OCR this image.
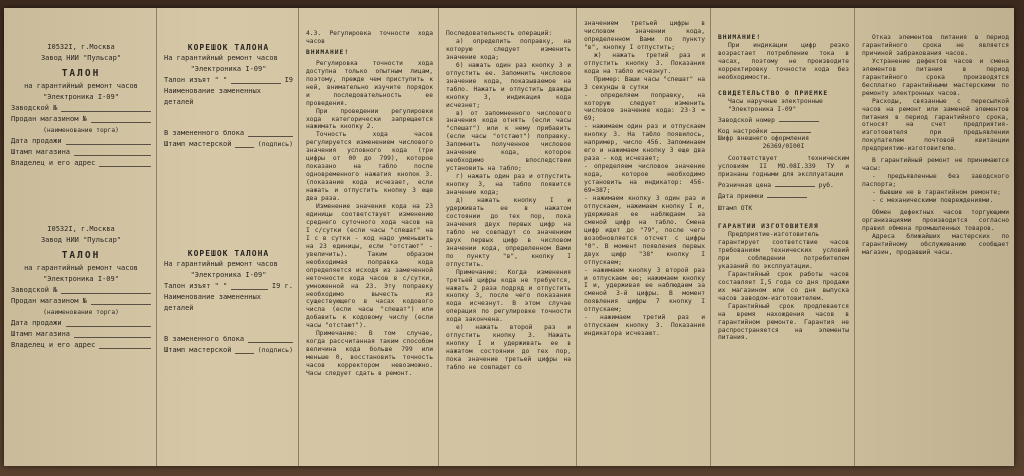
I0532I, г.Москва
Завод НИИ "Пульсар"
ТАЛОН
на гарантийный ремонт часов
"Электроника I-09"
Заводской №
Продан магазином №
(наименование торга)
Дата продажи
Штамп магазина
Владелец и его адрес
I0532I, г.Москва
Завод НИИ "Пульсар"
ТАЛОН
на гарантийный ремонт часов
"Электроника I-09"
Заводской №
Продан магазином №
(наименование торга)
Дата продажи
Штамп магазина
Владелец и его адрес
КОРЕШОК ТАЛОНА
На гарантийный ремонт часов
"Электроника I-09"
Талон изъят " "	I9
Наименование замененных деталей
В замененного блока
Штамп мастерской	(подпись)
КОРЕШОК ТАЛОНА
На гарантийный ремонт часов
"Электроника I-09"
Талон изъят " "	I9 г.
Наименование замененных деталей
В замененного блока
Штамп мастерской	(подпись)

4.3. Регулировка точности хода часов

ВНИМАНИЕ!

Регулировка точности хода доступна только опытным лицам, поэтому, прежде чем приступить к ней, внимательно изучите порядок и последовательность ее проведения.

При проведении регулировки хода категорически запрещается нажимать кнопку 2.

Точность хода часов регулируется изменением числового значения условного кода (три цифры от 00 до 799), которое показано на табло после одновременного нажатия кнопок 3. (показание кода исчезает, если нажать и отпустить кнопку 3 еще два раза.

Изменение значения кода на 23 единицы соответствует изменению среднего суточного хода часов на I с/сутки (если часы "спешат" на I с в сутки - код надо уменьшить на 23 единицы, если "отстают" - увеличить). Таким образом необходимая поправка кода определяется исходя из замеченной неточности хода часов в с/сутки, умноженной на 23. Эту поправку необходимо вычесть из существующего в часах кодового числа (если часы "спешат") или добавить к кодовому числу (если часы "отстают").

Примечание: В том случае, когда рассчитанная таким способом величина кода больше 799 или меньше 0, восстановить точность часов корректором невозможно. Часы следует сдать в ремонт.

Последовательность операций:

а) определить поправку, на которую следует изменить значение кода;

б) нажать один раз кнопку 3 и отпустить ее. Запомнить числовое значение кода, показываемое на табло. Нажать и отпустить дважды кнопку 3, индикация кода исчезнет;

в) от запомненного числового значения кода отнять (если часы "спешат") или к нему прибавить (если часы "отстают") поправку. Запомнить полученное числовое значение кода, которое необходимо впоследствии установить на табло;

г) нажать один раз и отпустить кнопку 3, на табло появится значение кода;

д) нажать кнопку I и удерживать ее в нажатом состоянии до тех пор, пока значения двух первых цифр на табло не совпадут со значением двух первых цифр в числовом значении кода, определенном Вами по пункту "в", кнопку I отпустить.

Примечание: Когда изменения третьей цифры кода не требуется, нажать 2 раза подряд и отпустить кнопку 3, после чего показания кода исчезнут. В этом случае операция по регулировке точности хода закончена.

е) нажать второй раз и отпустить кнопку 3. Нажать кнопку I и удерживать ее в нажатом состоянии до тех пор, пока значение третьей цифры на табло не совпадет со

значением третьей цифры в числовом значении кода, определенном Вами по пункту "в", кнопку I отпустить;

ж) нажать третий раз и отпустить кнопку 3. Показания кода на табло исчезнут.

Пример: Ваши часы "спешат" на 3 секунды в сутки

- определяем поправку, на которую следует изменить числовое значение кода: 23·3 = 69;

- нажимаем один раз и отпускаем кнопку 3. На табло появилось, например, число 456. Запоминаем его и нажимаем кнопку 3 еще два раза - код исчезает;

- определяем числовое значение кода, которое необходимо установить на индикатор: 456-69=387;

- нажимаем кнопку 3 один раз и отпускаем, нажимаем кнопку I и, удерживая ее наблюдаем за сменой цифр на табло. Смена цифр идет до "79", после чего возобновляется отсчет с цифры "0". В момент появления первых двух цифр "38" кнопку I отпускаем;

- нажимаем кнопку 3 второй раз и отпускаем ее; нажимаем кнопку I и, удерживая ее наблюдаем за сменой 3-й цифры. В момент появления цифры 7 кнопку I отпускаем;

- нажимаем третий раз и отпускаем кнопку 3. Показания индикатора исчезают.

ВНИМАНИЕ!

При индикации цифр резко возрастает потребление тока в часах, поэтому не производите корректировку точности хода без необходимости.

СВИДЕТЕЛЬСТВО О ПРИЕМКЕ

Часы наручные электронные

"Электроника I-09"

Заводской номер

Код настройки

Шифр внешнего оформления

26369/0I00I

Соответствует техническим условиям II МО.08I.339 ТУ и признаны годными для эксплуатации

Розничная цена	руб.

Дата приемки

Штамп ОТК

ГАРАНТИИ ИЗГОТОВИТЕЛЯ

Предприятие-изготовитель гарантирует соответствие часов требованиям технических условий при соблюдении потребителем указаний по эксплуатации.

Гарантийный срок работы часов составляет I,5 года со дня продажи их магазином или со дня выпуска часов заводом-изготовителем.

Гарантийный срок продлевается на время нахождения часов в гарантийном ремонте. Гарантия не распространяется на элементы питания.

Отказ элементов питания в период гарантийного срока не является причиной забракования часов.

Устранение дефектов часов и смена элементов питания в период гарантийного срока производятся бесплатно гарантийными мастерскими по ремонту электронных часов.

Расходы, связанные с пересылкой часов на ремонт или заменой элементов питания в период гарантийного срока, относят на счет предприятия-изготовителя при предъявлении покупателем почтовой квитанции предприятию-изготовителю.

В гарантийный ремонт не принимаются часы:

- предъявленные без заводского паспорта;

- бывшие не в гарантийном ремонте;

- с механическими повреждениями.

Обмен дефектных часов торгующими организациями производится согласно правил обмена промышленных товаров.

Адреса ближайших мастерских по гарантийному обслуживанию сообщает магазин, продавший часы.
